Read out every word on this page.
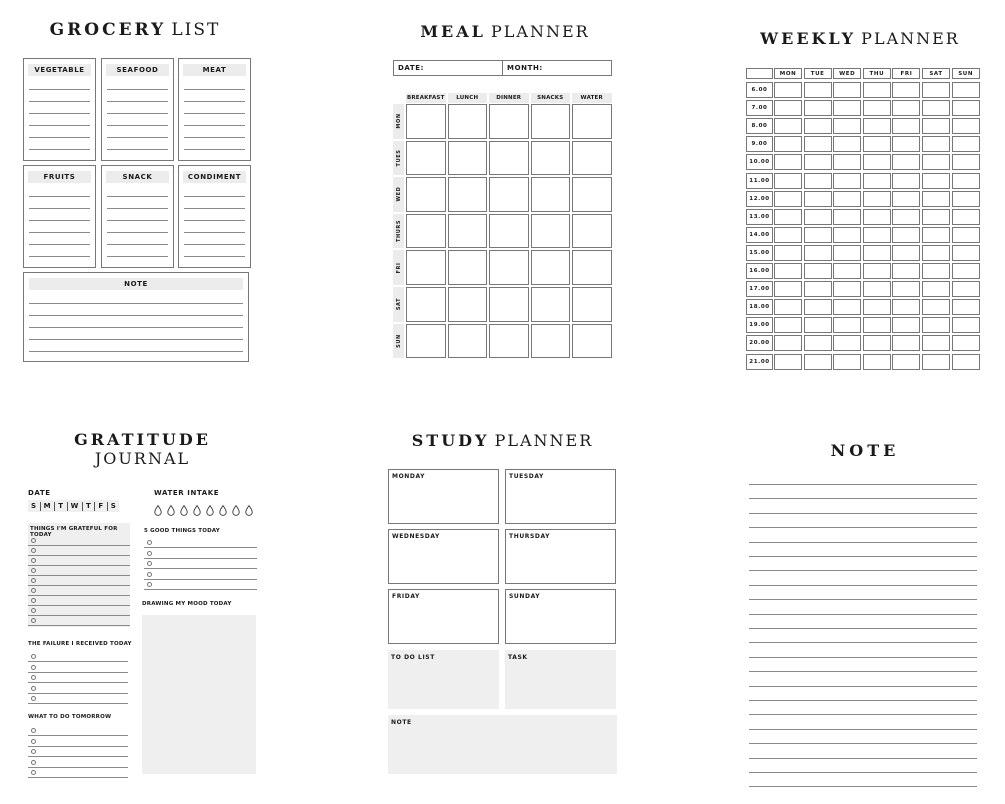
GROCERY LIST
VEGETABLE	SEAFOOD	MEAT
FRUITS	SNACK	CONDIMENT
NOTE
MEAL PLANNER
DATE:	MONTH:
BREAKFAST	LUNCH	DINNER	SNACKS	WATER
MON
TUES
WED
THURS
FRI
SAT
SUN
WEEKLY PLANNER
MON	TUE	WED	THU	FRI	SAT	SUN
6.00
7.00
8.00
9.00
10.00
11.00
12.00
13.00
14.00
15.00
16.00
17.00
18.00
19.00
20.00
21.00
GRATITUDE
JOURNAL
DATE
S	M	T	W	T	F	S
WATER INTAKE
THINGS I'M GRATEFUL FOR TODAY
5 GOOD THINGS TODAY
DRAWING MY MOOD TODAY
THE FAILURE I RECEIVED TODAY
WHAT TO DO TOMORROW
STUDY PLANNER
MONDAY	TUESDAY
WEDNESDAY	THURSDAY
FRIDAY	SUNDAY
TO DO LIST	TASK
NOTE
NOTE
